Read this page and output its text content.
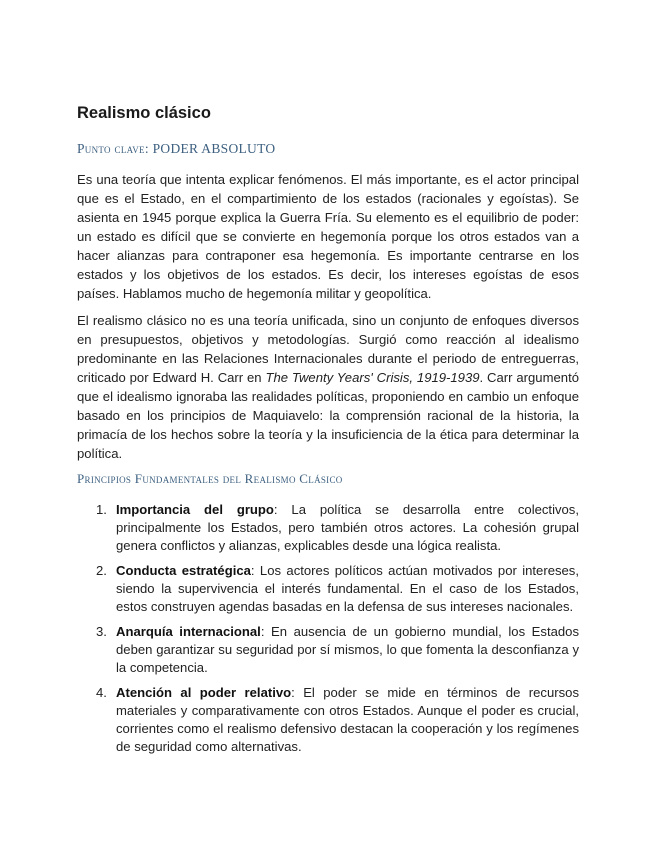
Realismo clásico
Punto clave: PODER ABSOLUTO

Es una teoría que intenta explicar fenómenos. El más importante, es el actor principal que es el Estado, en el compartimiento de los estados (racionales y egoístas). Se asienta en 1945 porque explica la Guerra Fría. Su elemento es el equilibrio de poder: un estado es difícil que se convierte en hegemonía porque los otros estados van a hacer alianzas para contraponer esa hegemonía. Es importante centrarse en los estados y los objetivos de los estados. Es decir, los intereses egoístas de esos países. Hablamos mucho de hegemonía militar y geopolítica.

El realismo clásico no es una teoría unificada, sino un conjunto de enfoques diversos en presupuestos, objetivos y metodologías. Surgió como reacción al idealismo predominante en las Relaciones Internacionales durante el periodo de entreguerras, criticado por Edward H. Carr en The Twenty Years' Crisis, 1919-1939. Carr argumentó que el idealismo ignoraba las realidades políticas, proponiendo en cambio un enfoque basado en los principios de Maquiavelo: la comprensión racional de la historia, la primacía de los hechos sobre la teoría y la insuficiencia de la ética para determinar la política.

Principios Fundamentales del Realismo Clásico
1. Importancia del grupo: La política se desarrolla entre colectivos, principalmente los Estados, pero también otros actores. La cohesión grupal genera conflictos y alianzas, explicables desde una lógica realista.
2. Conducta estratégica: Los actores políticos actúan motivados por intereses, siendo la supervivencia el interés fundamental. En el caso de los Estados, estos construyen agendas basadas en la defensa de sus intereses nacionales.
3. Anarquía internacional: En ausencia de un gobierno mundial, los Estados deben garantizar su seguridad por sí mismos, lo que fomenta la desconfianza y la competencia.
4. Atención al poder relativo: El poder se mide en términos de recursos materiales y comparativamente con otros Estados. Aunque el poder es crucial, corrientes como el realismo defensivo destacan la cooperación y los regímenes de seguridad como alternativas.
